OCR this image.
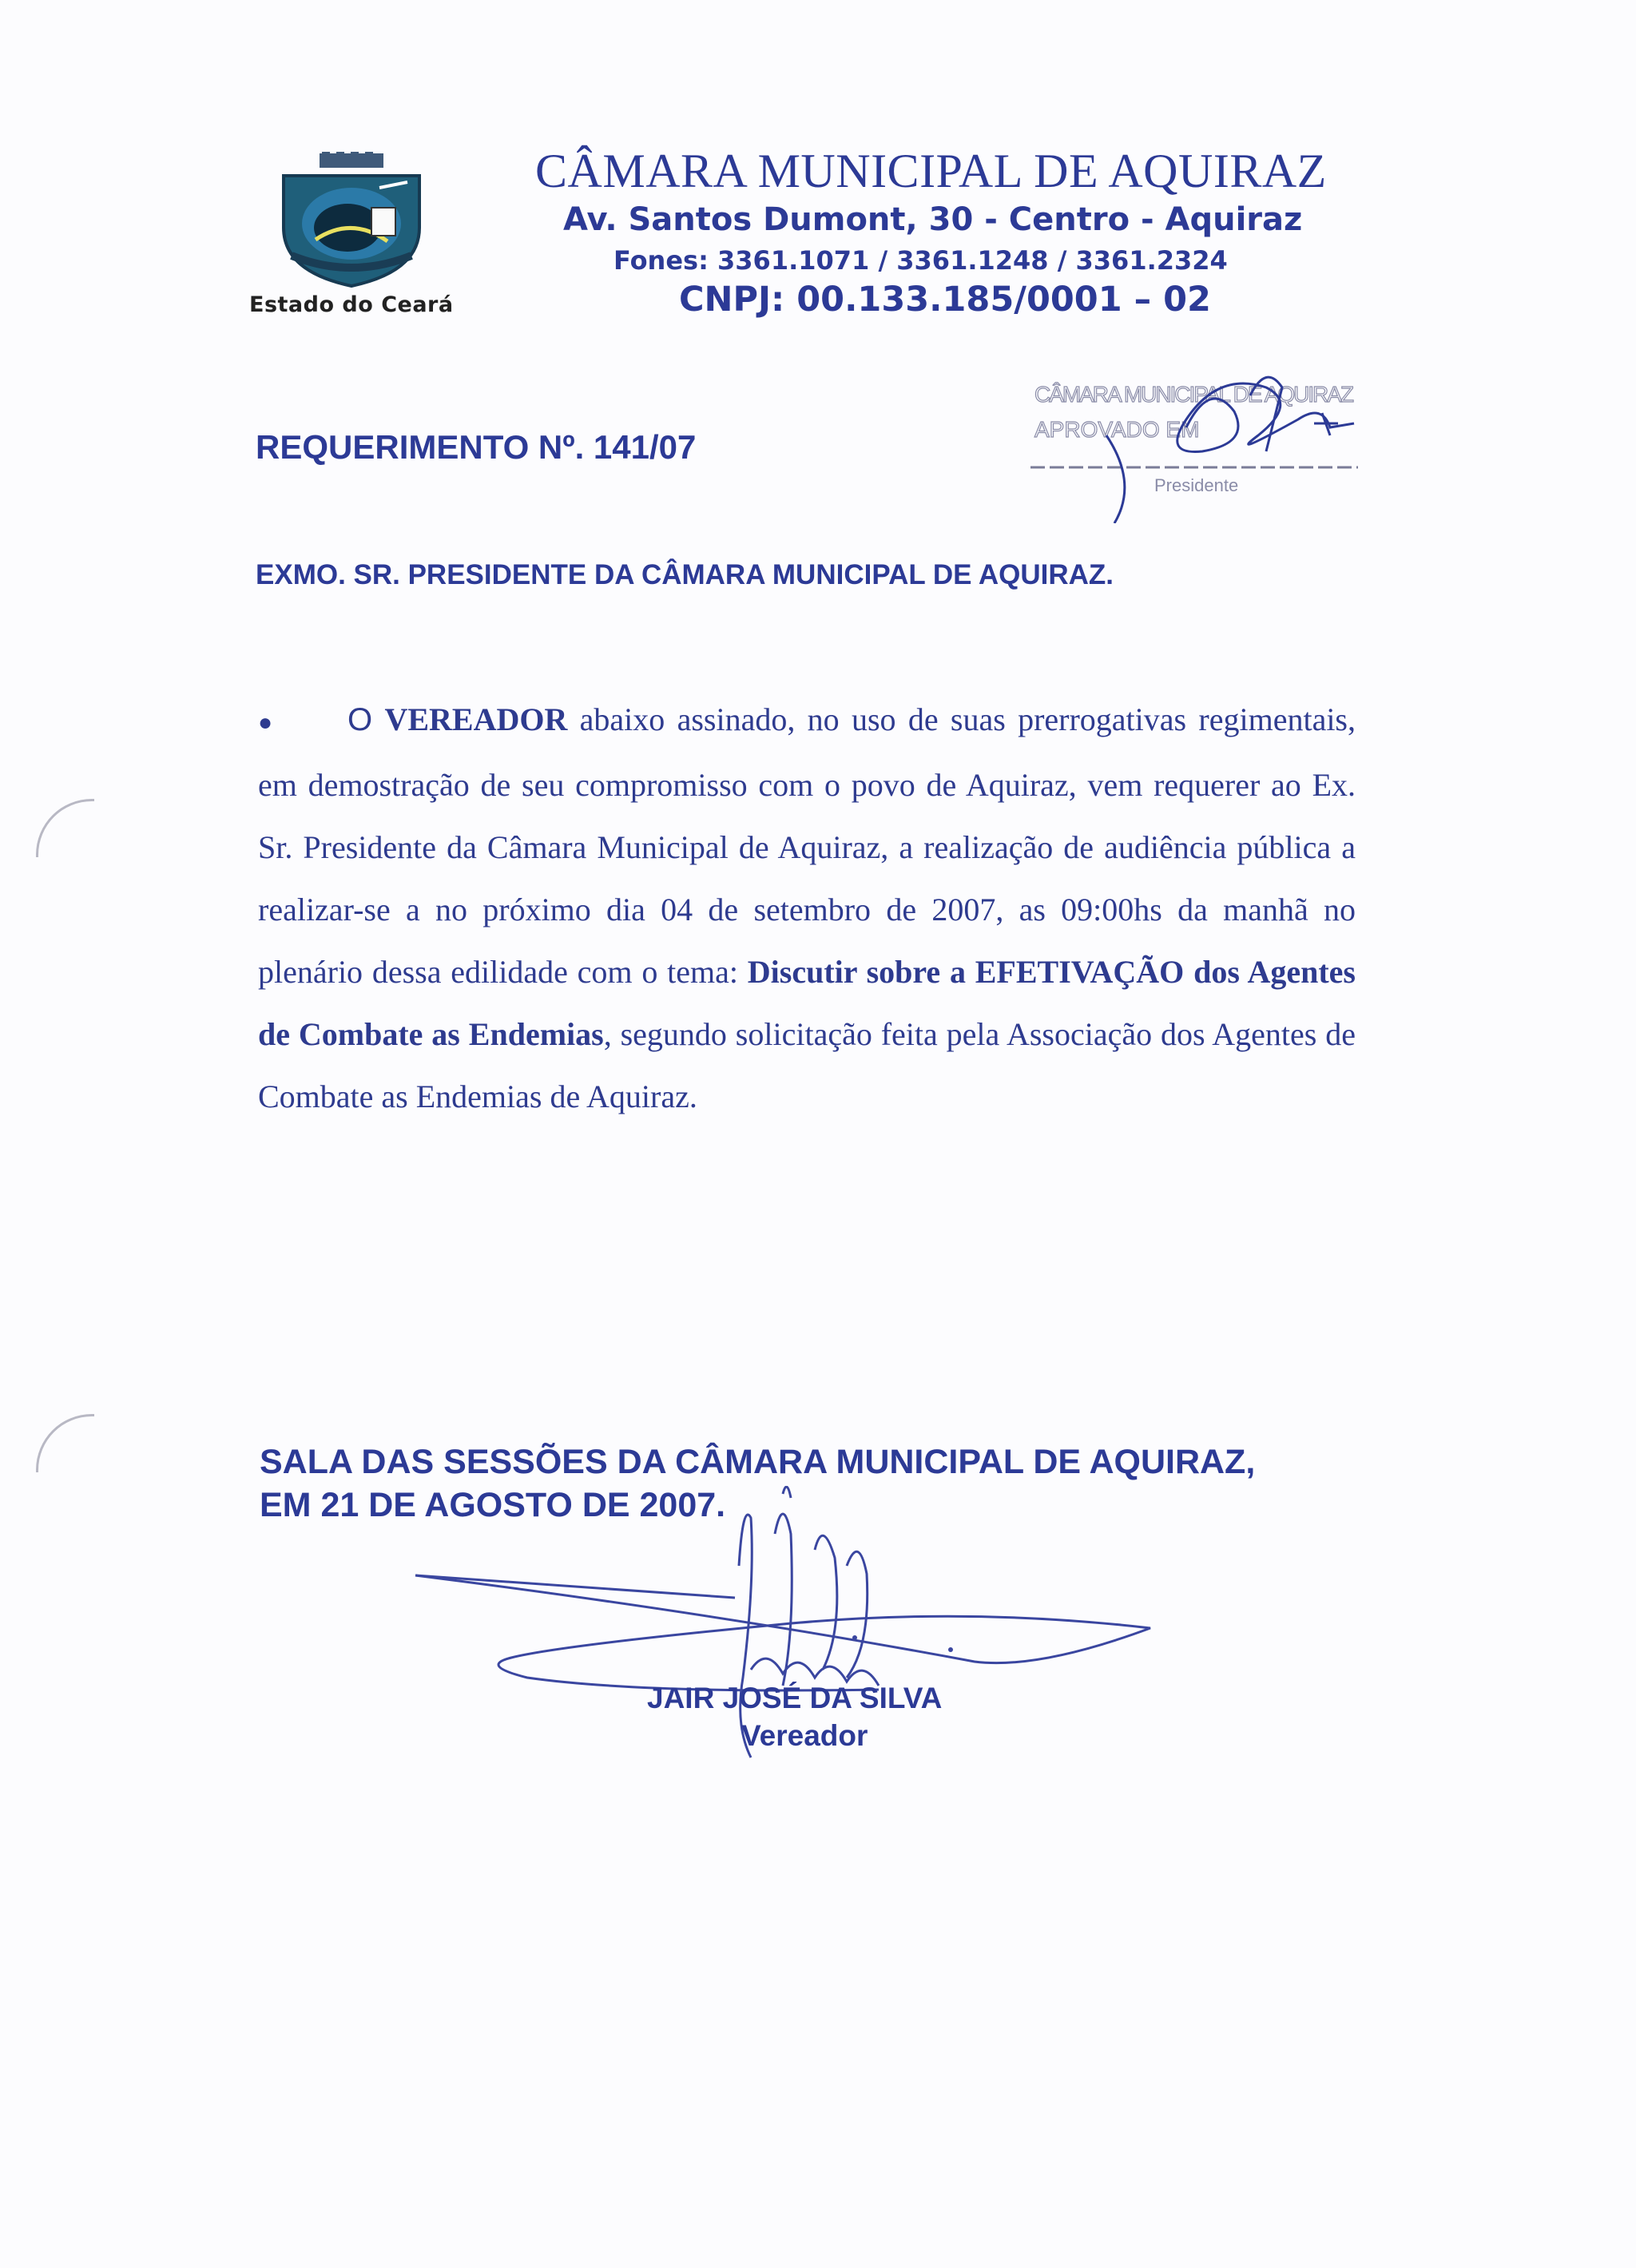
Estado do Ceará
CÂMARA MUNICIPAL DE AQUIRAZ
Av. Santos Dumont, 30 - Centro - Aquiraz
Fones: 3361.1071 / 3361.1248 / 3361.2324
CNPJ: 00.133.185/0001 – 02
REQUERIMENTO Nº. 141/07
CÂMARA MUNICIPAL DE AQUIRAZ
APROVADO EM
Presidente
EXMO. SR. PRESIDENTE DA CÂMARA MUNICIPAL DE AQUIRAZ.
● O VEREADOR abaixo assinado, no uso de suas prerrogativas regimentais, em demostração de seu compromisso com o povo de Aquiraz, vem requerer ao Ex. Sr. Presidente da Câmara Municipal de Aquiraz, a realização de audiência pública a realizar-se a no próximo dia 04 de setembro de 2007, as 09:00hs da manhã no plenário dessa edilidade com o tema: Discutir sobre a EFETIVAÇÃO dos Agentes de Combate as Endemias, segundo solicitação feita pela Associação dos Agentes de Combate as Endemias de Aquiraz.
SALA DAS SESSÕES DA CÂMARA MUNICIPAL DE AQUIRAZ,
EM 21 DE AGOSTO DE 2007.
JAIR JOSÉ DA SILVA
Vereador
